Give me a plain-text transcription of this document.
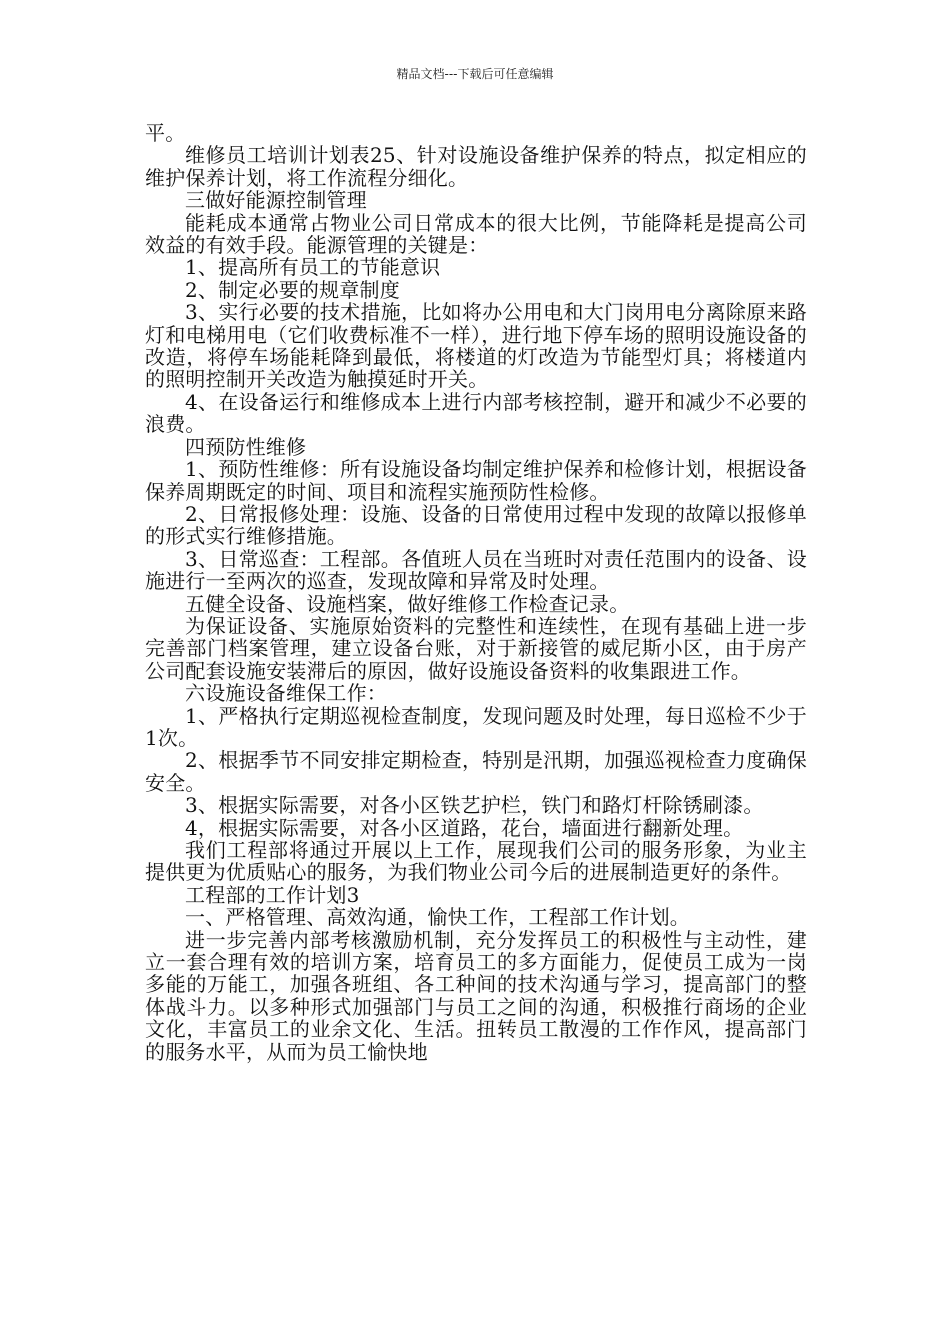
精品文档---下载后可任意编辑

平。

维修员工培训计划表25、针对设施设备维护保养的特点，拟定相应的维护保养计划，将工作流程分细化。

三做好能源控制管理

能耗成本通常占物业公司日常成本的很大比例，节能降耗是提高公司效益的有效手段。能源管理的关键是：

1、提高所有员工的节能意识

2、制定必要的规章制度

3、实行必要的技术措施，比如将办公用电和大门岗用电分离除原来路灯和电梯用电（它们收费标准不一样），进行地下停车场的照明设施设备的改造，将停车场能耗降到最低，将楼道的灯改造为节能型灯具；将楼道内的照明控制开关改造为触摸延时开关。

4、在设备运行和维修成本上进行内部考核控制，避开和减少不必要的浪费。

四预防性维修

1、预防性维修：所有设施设备均制定维护保养和检修计划，根据设备保养周期既定的时间、项目和流程实施预防性检修。

2、日常报修处理：设施、设备的日常使用过程中发现的故障以报修单的形式实行维修措施。

3、日常巡查：工程部。各值班人员在当班时对责任范围内的设备、设施进行一至两次的巡查，发现故障和异常及时处理。

五健全设备、设施档案，做好维修工作检查记录。

为保证设备、实施原始资料的完整性和连续性，在现有基础上进一步完善部门档案管理，建立设备台账，对于新接管的威尼斯小区，由于房产公司配套设施安装滞后的原因，做好设施设备资料的收集跟进工作。

六设施设备维保工作：

1、严格执行定期巡视检查制度，发现问题及时处理，每日巡检不少于1次。

2、根据季节不同安排定期检查，特别是汛期，加强巡视检查力度确保安全。

3、根据实际需要，对各小区铁艺护栏，铁门和路灯杆除锈刷漆。

4，根据实际需要，对各小区道路，花台，墙面进行翻新处理。

我们工程部将通过开展以上工作，展现我们公司的服务形象，为业主提供更为优质贴心的服务，为我们物业公司今后的进展制造更好的条件。

工程部的工作计划3

一、严格管理、高效沟通，愉快工作，工程部工作计划。

进一步完善内部考核激励机制，充分发挥员工的积极性与主动性，建立一套合理有效的培训方案，培育员工的多方面能力，促使员工成为一岗多能的万能工，加强各班组、各工种间的技术沟通与学习，提高部门的整体战斗力。以多种形式加强部门与员工之间的沟通，积极推行商场的企业文化，丰富员工的业余文化、生活。扭转员工散漫的工作作风，提高部门的服务水平，从而为员工愉快地
